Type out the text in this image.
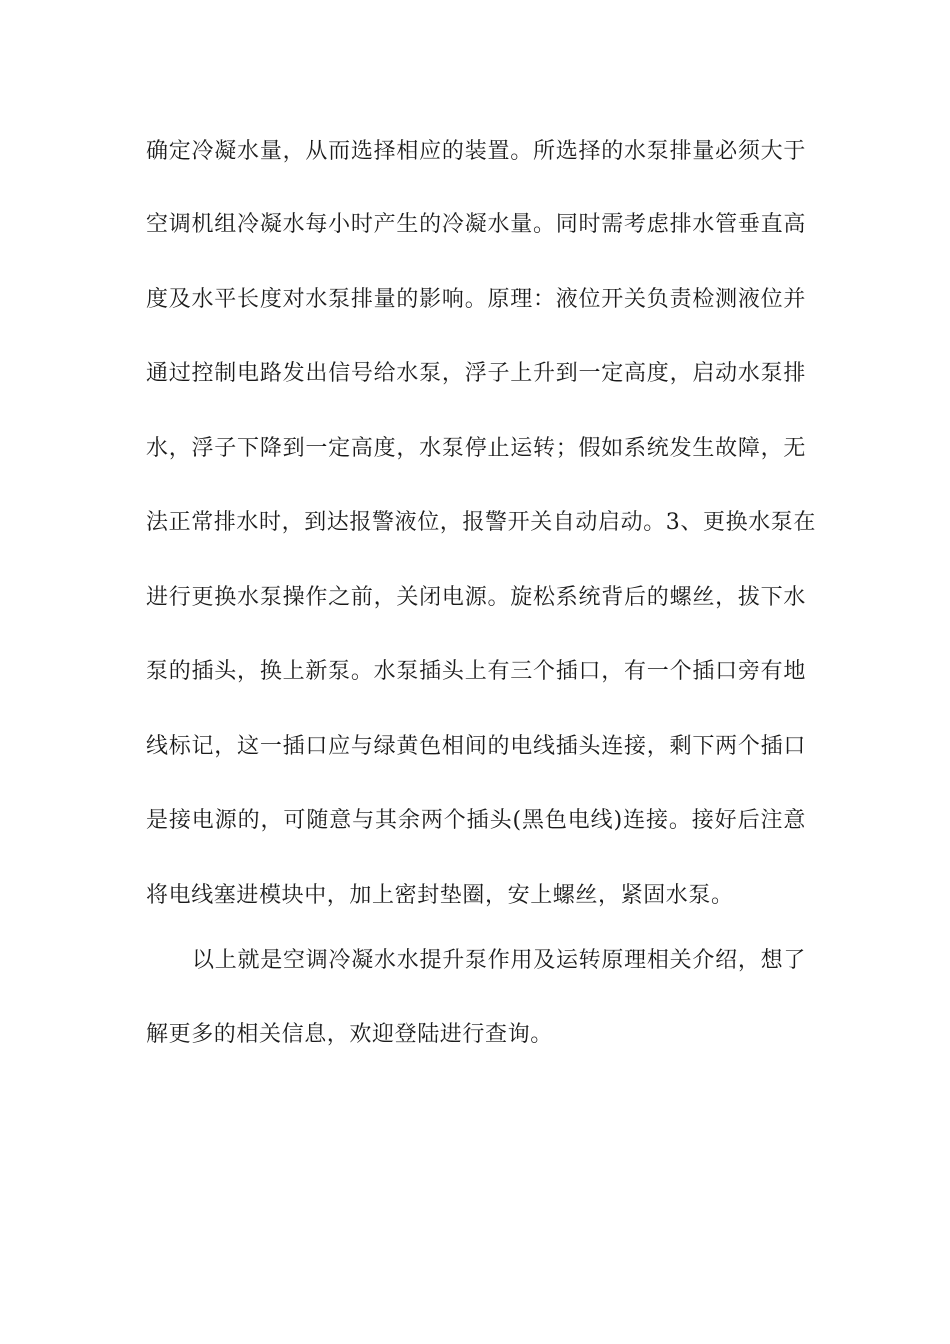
确定冷凝水量，从而选择相应的装置。所选择的水泵排量必须大于
空调机组冷凝水每小时产生的冷凝水量。同时需考虑排水管垂直高
度及水平长度对水泵排量的影响。原理：液位开关负责检测液位并
通过控制电路发出信号给水泵，浮子上升到一定高度，启动水泵排
水，浮子下降到一定高度，水泵停止运转；假如系统发生故障，无
法正常排水时，到达报警液位，报警开关自动启动。3、更换水泵在
进行更换水泵操作之前，关闭电源。旋松系统背后的螺丝，拔下水
泵的插头，换上新泵。水泵插头上有三个插口，有一个插口旁有地
线标记，这一插口应与绿黄色相间的电线插头连接，剩下两个插口
是接电源的，可随意与其余两个插头(黑色电线)连接。接好后注意
将电线塞进模块中，加上密封垫圈，安上螺丝，紧固水泵。
以上就是空调冷凝水水提升泵作用及运转原理相关介绍，想了
解更多的相关信息，欢迎登陆进行查询。
